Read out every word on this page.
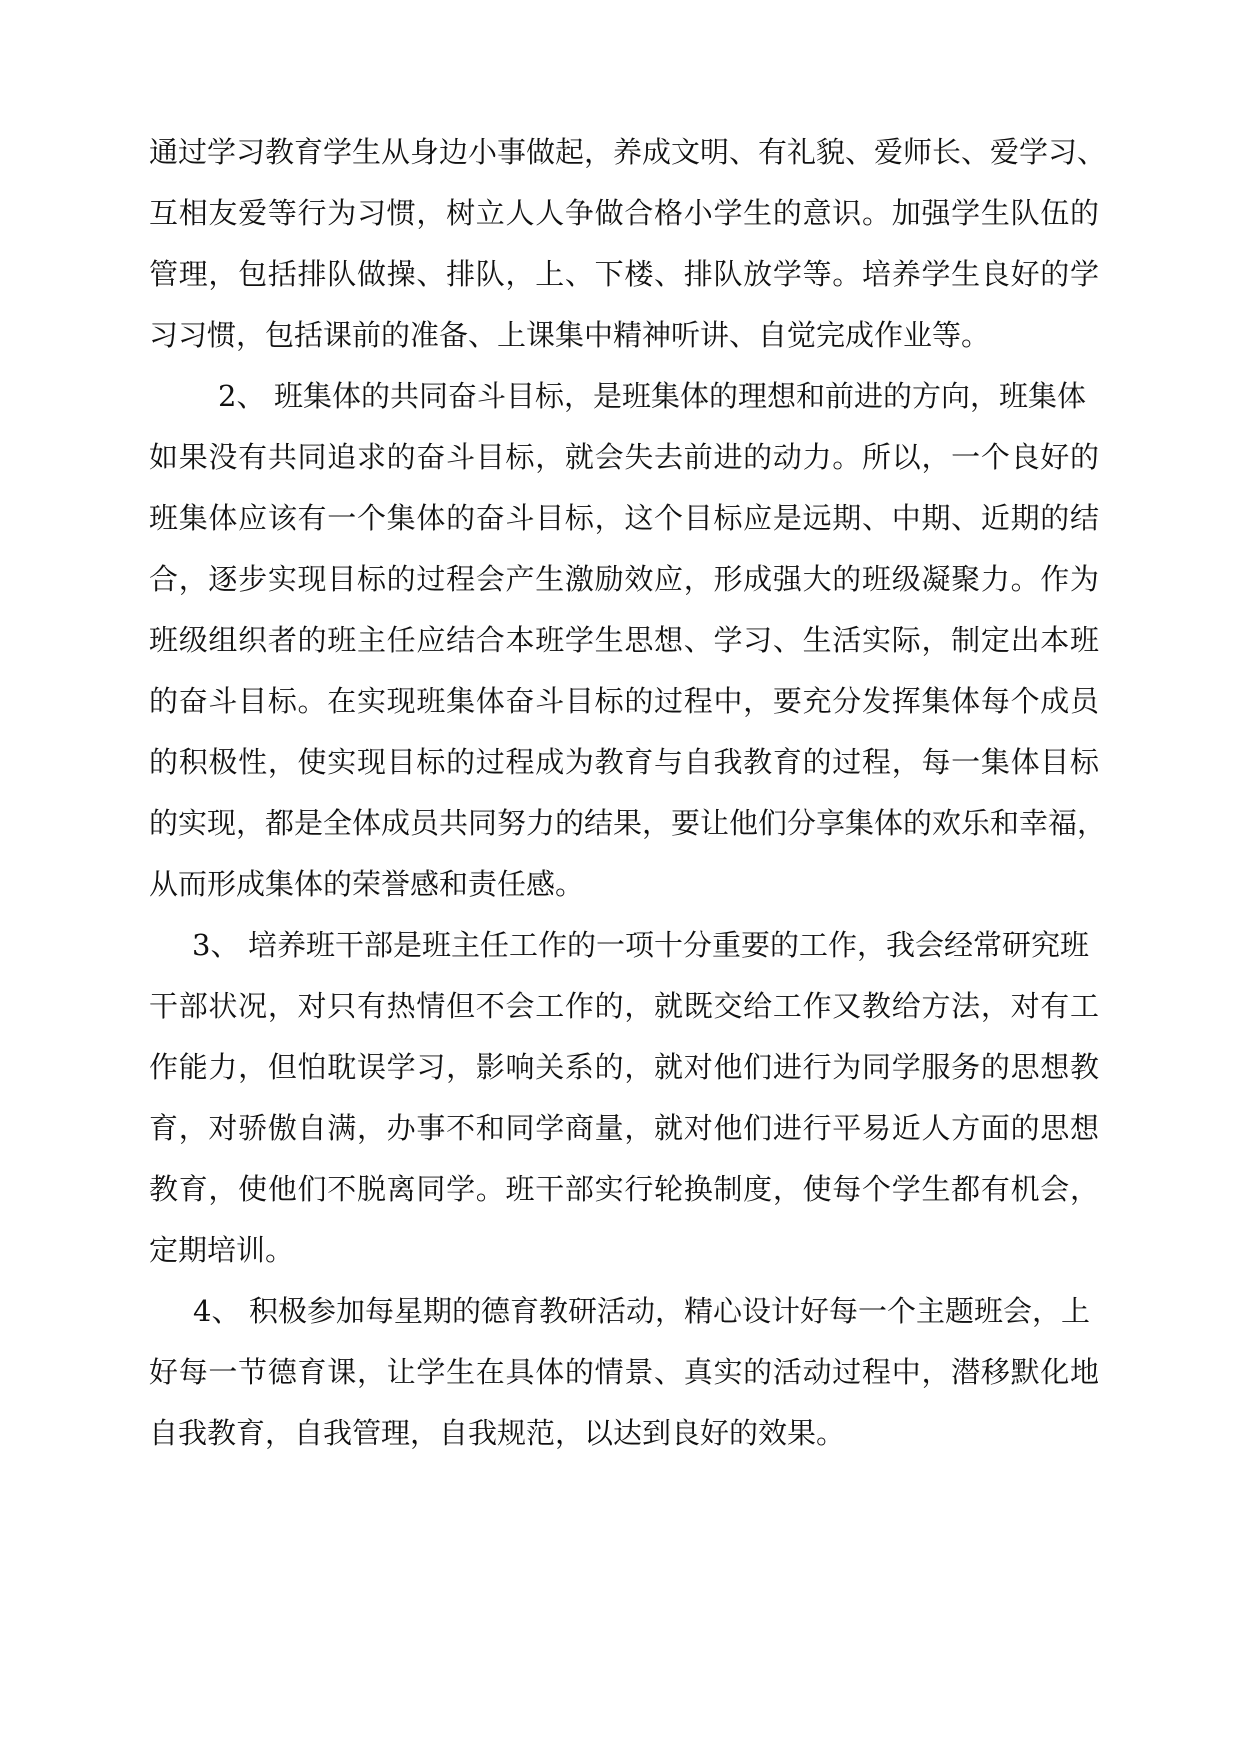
通过学习教育学生从身边小事做起，养成文明、有礼貌、爱师长、爱学习、
互相友爱等行为习惯，树立人人争做合格小学生的意识。加强学生队伍的
管理，包括排队做操、排队，上、下楼、排队放学等。培养学生良好的学
习习惯，包括课前的准备、上课集中精神听讲、自觉完成作业等。
2、 班集体的共同奋斗目标，是班集体的理想和前进的方向，班集体
如果没有共同追求的奋斗目标，就会失去前进的动力。所以，一个良好的
班集体应该有一个集体的奋斗目标，这个目标应是远期、中期、近期的结
合，逐步实现目标的过程会产生激励效应，形成强大的班级凝聚力。作为
班级组织者的班主任应结合本班学生思想、学习、生活实际，制定出本班
的奋斗目标。在实现班集体奋斗目标的过程中，要充分发挥集体每个成员
的积极性，使实现目标的过程成为教育与自我教育的过程，每一集体目标
的实现，都是全体成员共同努力的结果，要让他们分享集体的欢乐和幸福，
从而形成集体的荣誉感和责任感。
3、 培养班干部是班主任工作的一项十分重要的工作，我会经常研究班
干部状况，对只有热情但不会工作的，就既交给工作又教给方法，对有工
作能力，但怕耽误学习，影响关系的，就对他们进行为同学服务的思想教
育，对骄傲自满，办事不和同学商量，就对他们进行平易近人方面的思想
教育，使他们不脱离同学。班干部实行轮换制度，使每个学生都有机会，
定期培训。
4、 积极参加每星期的德育教研活动，精心设计好每一个主题班会，上
好每一节德育课，让学生在具体的情景、真实的活动过程中，潜移默化地
自我教育，自我管理，自我规范，以达到良好的效果。
